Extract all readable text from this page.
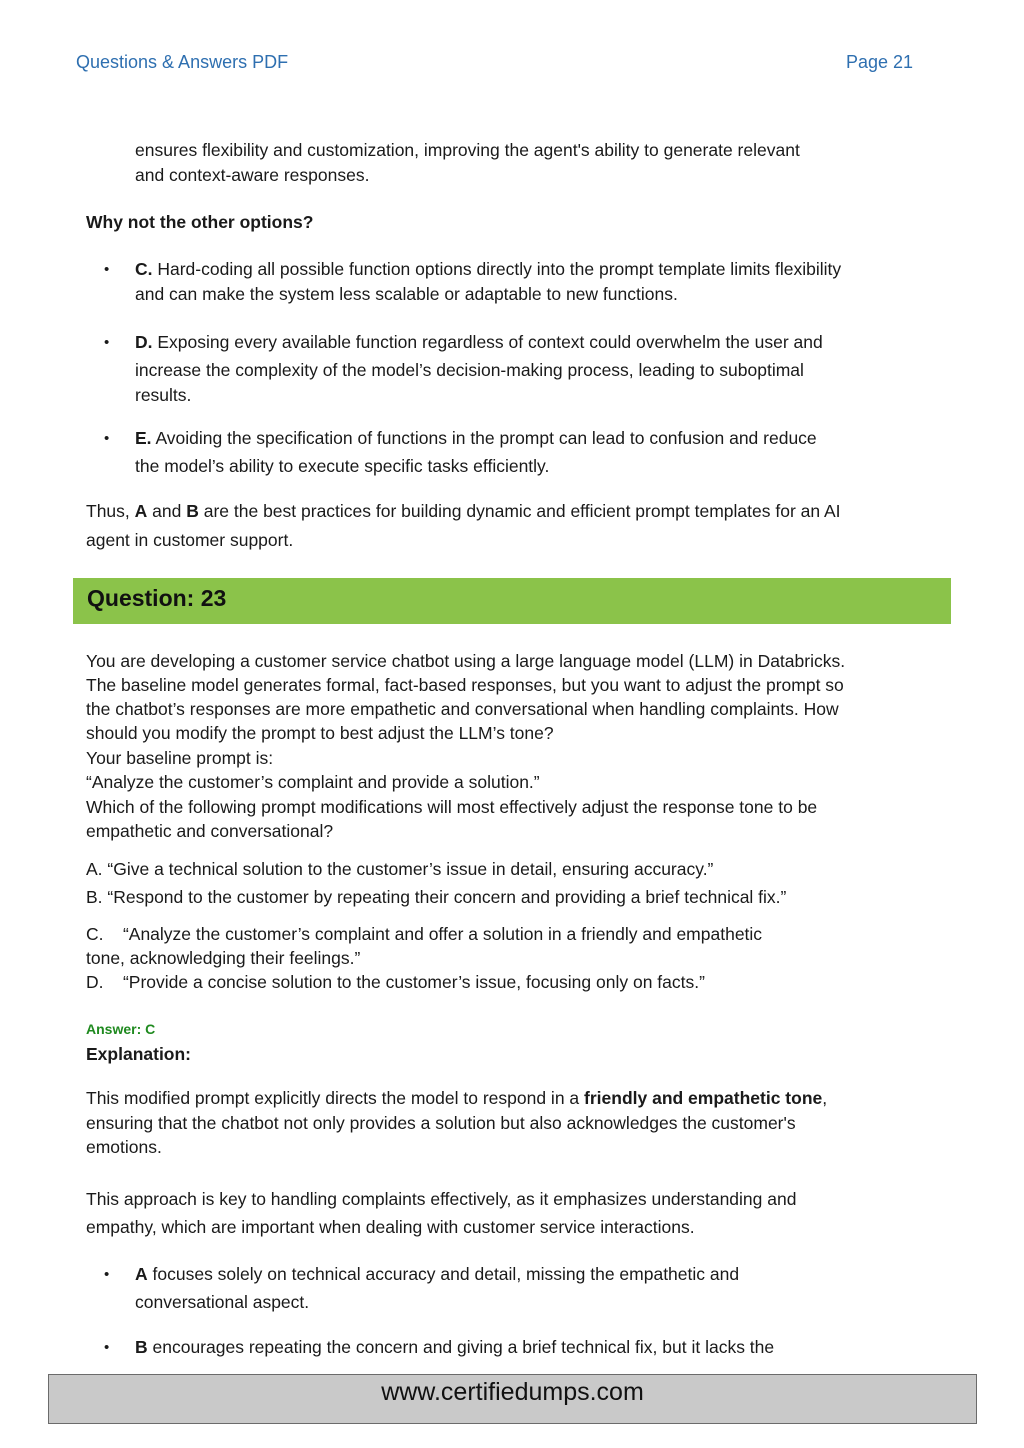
Questions & Answers PDF	Page 21
ensures flexibility and customization, improving the agent's ability to generate relevant
and context-aware responses.
Why not the other options?
• C. Hard-coding all possible function options directly into the prompt template limits flexibility
and can make the system less scalable or adaptable to new functions.
• D. Exposing every available function regardless of context could overwhelm the user and
increase the complexity of the model’s decision-making process, leading to suboptimal
results.
• E. Avoiding the specification of functions in the prompt can lead to confusion and reduce
the model’s ability to execute specific tasks efficiently.
Thus, A and B are the best practices for building dynamic and efficient prompt templates for an AI
agent in customer support.
Question: 23
You are developing a customer service chatbot using a large language model (LLM) in Databricks.
The baseline model generates formal, fact-based responses, but you want to adjust the prompt so
the chatbot’s responses are more empathetic and conversational when handling complaints. How
should you modify the prompt to best adjust the LLM’s tone?
Your baseline prompt is:
“Analyze the customer’s complaint and provide a solution.”
Which of the following prompt modifications will most effectively adjust the response tone to be
empathetic and conversational?
A. “Give a technical solution to the customer’s issue in detail, ensuring accuracy.”
B. “Respond to the customer by repeating their concern and providing a brief technical fix.”
C.    “Analyze the customer’s complaint and offer a solution in a friendly and empathetic
tone, acknowledging their feelings.”
D.    “Provide a concise solution to the customer’s issue, focusing only on facts.”
Answer: C
Explanation:
This modified prompt explicitly directs the model to respond in a friendly and empathetic tone,
ensuring that the chatbot not only provides a solution but also acknowledges the customer's
emotions.
This approach is key to handling complaints effectively, as it emphasizes understanding and
empathy, which are important when dealing with customer service interactions.
• A focuses solely on technical accuracy and detail, missing the empathetic and
conversational aspect.
• B encourages repeating the concern and giving a brief technical fix, but it lacks the
www.certifiedumps.com
